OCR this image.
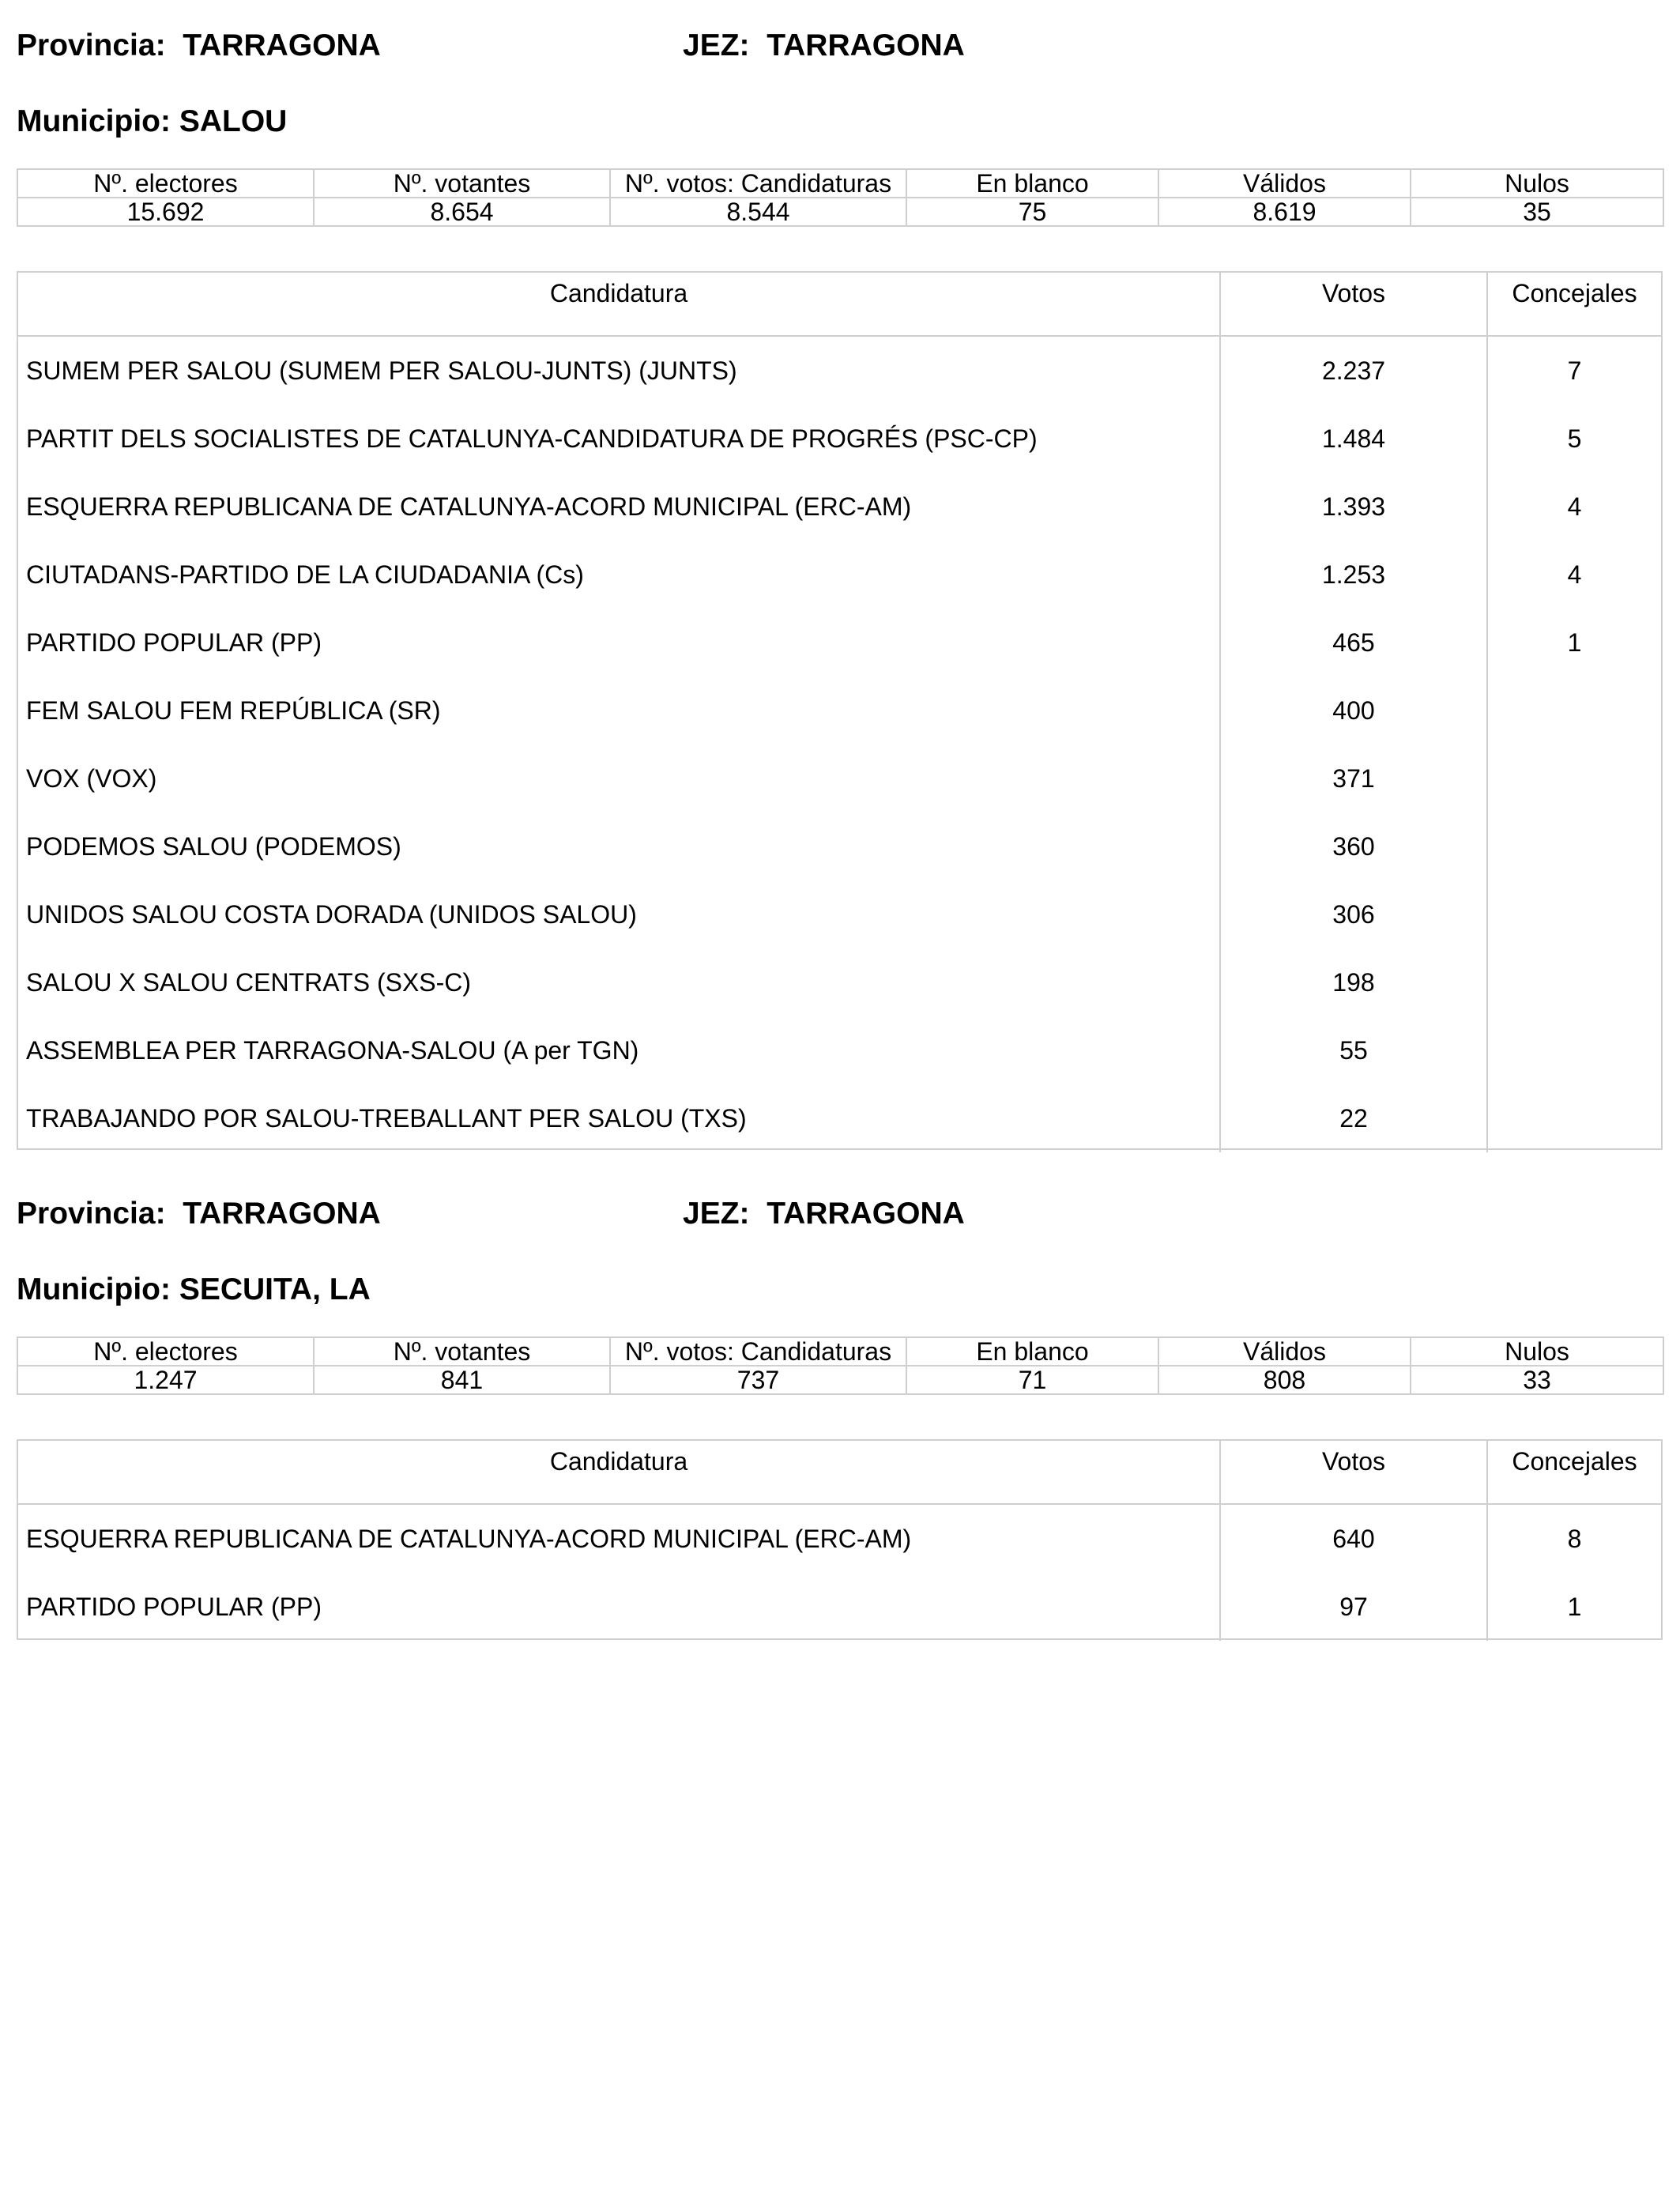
Provincia: TARRAGONA	JEZ: TARRAGONA
Municipio: SALOU
Nº. electores	Nº. votantes	Nº. votos: Candidaturas	En blanco	Válidos	Nulos
15.692	8.654	8.544	75	8.619	35
Candidatura	Votos	Concejales
SUMEM PER SALOU (SUMEM PER SALOU-JUNTS) (JUNTS)	2.237	7
PARTIT DELS SOCIALISTES DE CATALUNYA-CANDIDATURA DE PROGRÉS (PSC-CP)	1.484	5
ESQUERRA REPUBLICANA DE CATALUNYA-ACORD MUNICIPAL (ERC-AM)	1.393	4
CIUTADANS-PARTIDO DE LA CIUDADANIA (Cs)	1.253	4
PARTIDO POPULAR (PP)	465	1
FEM SALOU FEM REPÚBLICA (SR)	400
VOX (VOX)	371
PODEMOS SALOU (PODEMOS)	360
UNIDOS SALOU COSTA DORADA (UNIDOS SALOU)	306
SALOU X SALOU CENTRATS (SXS-C)	198
ASSEMBLEA PER TARRAGONA-SALOU (A per TGN)	55
TRABAJANDO POR SALOU-TREBALLANT PER SALOU (TXS)	22
Provincia: TARRAGONA	JEZ: TARRAGONA
Municipio: SECUITA, LA
Nº. electores	Nº. votantes	Nº. votos: Candidaturas	En blanco	Válidos	Nulos
1.247	841	737	71	808	33
Candidatura	Votos	Concejales
ESQUERRA REPUBLICANA DE CATALUNYA-ACORD MUNICIPAL (ERC-AM)	640	8
PARTIDO POPULAR (PP)	97	1
